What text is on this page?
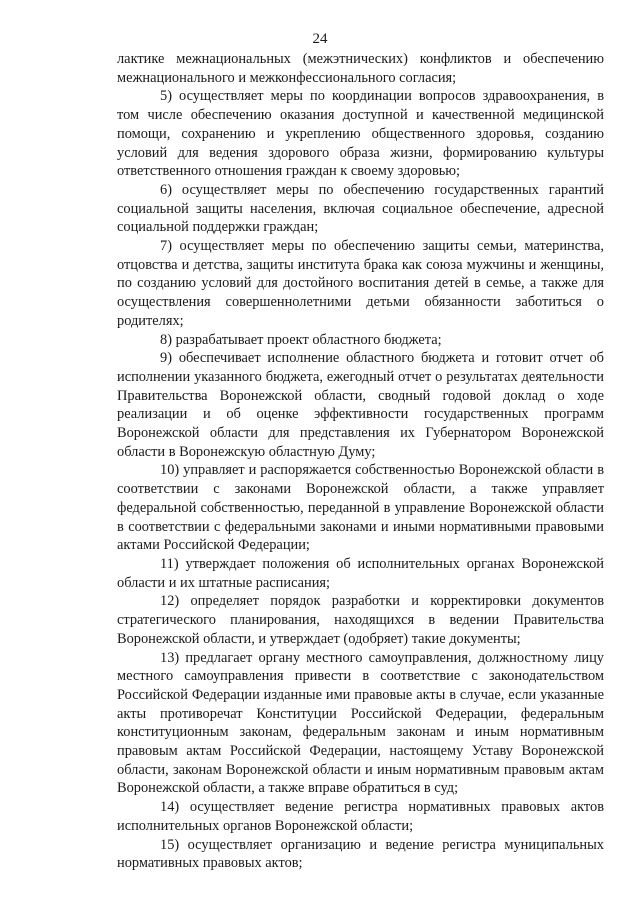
24

лактике межнациональных (межэтнических) конфликтов и обеспечению межнационального и межконфессионального согласия;

5) осуществляет меры по координации вопросов здравоохранения, в том числе обеспечению оказания доступной и качественной медицинской помощи, сохранению и укреплению общественного здоровья, созданию условий для ведения здорового образа жизни, формированию культуры ответственного отношения граждан к своему здоровью;

6) осуществляет меры по обеспечению государственных гарантий социальной защиты населения, включая социальное обеспечение, адресной социальной поддержки граждан;

7) осуществляет меры по обеспечению защиты семьи, материнства, отцовства и детства, защиты института брака как союза мужчины и женщины, по созданию условий для достойного воспитания детей в семье, а также для осуществления совершеннолетними детьми обязанности заботиться о родителях;

8) разрабатывает проект областного бюджета;

9) обеспечивает исполнение областного бюджета и готовит отчет об исполнении указанного бюджета, ежегодный отчет о результатах деятельности Правительства Воронежской области, сводный годовой доклад о ходе реализации и об оценке эффективности государственных программ Воронежской области для представления их Губернатором Воронежской области в Воронежскую областную Думу;

10) управляет и распоряжается собственностью Воронежской области в соответствии с законами Воронежской области, а также управляет федеральной собственностью, переданной в управление Воронежской области в соответствии с федеральными законами и иными нормативными правовыми актами Российской Федерации;

11) утверждает положения об исполнительных органах Воронежской области и их штатные расписания;

12) определяет порядок разработки и корректировки документов стратегического планирования, находящихся в ведении Правительства Воронежской области, и утверждает (одобряет) такие документы;

13) предлагает органу местного самоуправления, должностному лицу местного самоуправления привести в соответствие с законодательством Российской Федерации изданные ими правовые акты в случае, если указанные акты противоречат Конституции Российской Федерации, федеральным конституционным законам, федеральным законам и иным нормативным правовым актам Российской Федерации, настоящему Уставу Воронежской области, законам Воронежской области и иным нормативным правовым актам Воронежской области, а также вправе обратиться в суд;

14) осуществляет ведение регистра нормативных правовых актов исполнительных органов Воронежской области;

15) осуществляет организацию и ведение регистра муниципальных нормативных правовых актов;
